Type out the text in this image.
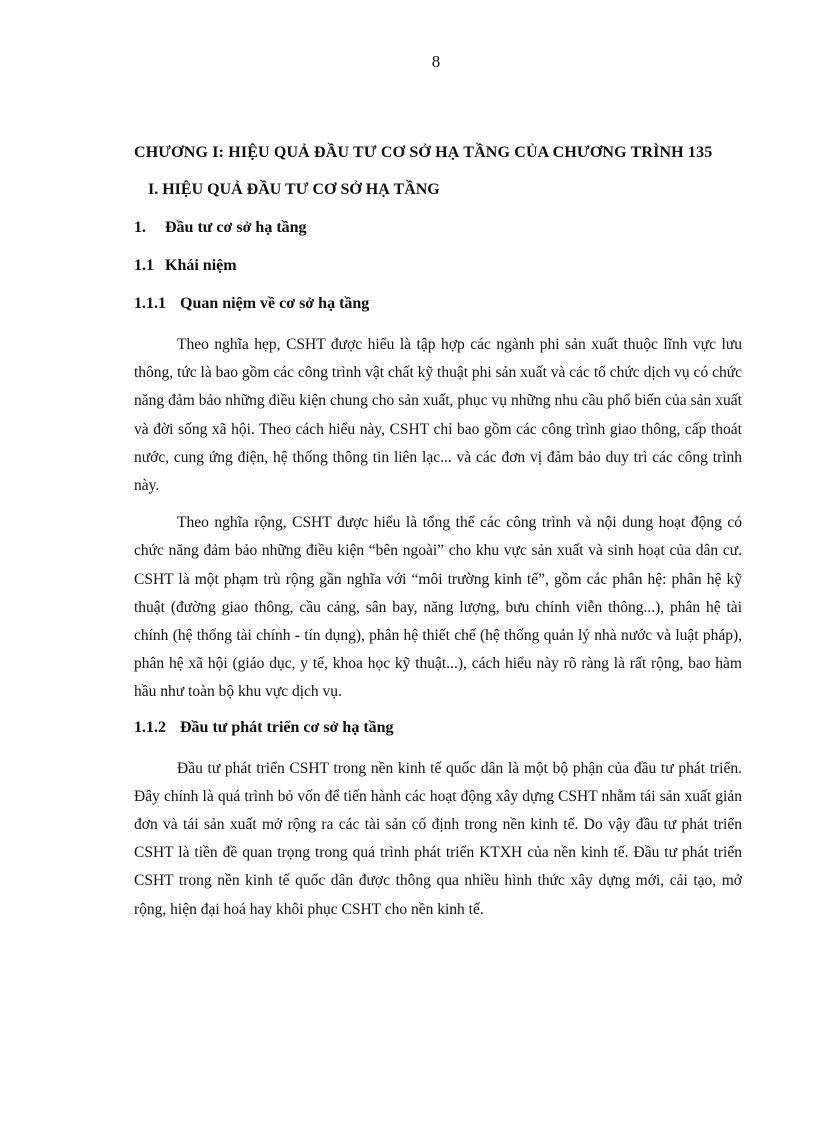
8
CHƯƠNG I: HIỆU QUẢ ĐẦU TƯ CƠ SỞ HẠ TẦNG CỦA CHƯƠNG TRÌNH 135
I. HIỆU QUẢ ĐẦU TƯ CƠ SỞ HẠ TẦNG
1. Đầu tư cơ sở hạ tầng
1.1 Khái niệm
1.1.1 Quan niệm về cơ sở hạ tầng

Theo nghĩa hẹp, CSHT được hiểu là tập hợp các ngành phi sản xuất thuộc lĩnh vực lưu thông, tức là bao gồm các công trình vật chất kỹ thuật phi sản xuất và các tổ chức dịch vụ có chức năng đảm bảo những điều kiện chung cho sản xuất, phục vụ những nhu cầu phổ biến của sản xuất và đời sống xã hội. Theo cách hiểu này, CSHT chỉ bao gồm các công trình giao thông, cấp thoát nước, cung ứng điện, hệ thống thông tin liên lạc... và các đơn vị đảm bảo duy trì các công trình này.

Theo nghĩa rộng, CSHT được hiểu là tổng thể các công trình và nội dung hoạt động có chức năng đảm bảo những điều kiện “bên ngoài” cho khu vực sản xuất và sinh hoạt của dân cư. CSHT là một phạm trù rộng gần nghĩa với “môi trường kinh tế”, gồm các phân hệ: phân hệ kỹ thuật (đường giao thông, cầu cảng, sân bay, năng lượng, bưu chính viễn thông...), phân hệ tài chính (hệ thống tài chính - tín dụng), phân hệ thiết chế (hệ thống quản lý nhà nước và luật pháp), phân hệ xã hội (giáo dục, y tế, khoa học kỹ thuật...), cách hiểu này rõ ràng là rất rộng, bao hàm hầu như toàn bộ khu vực dịch vụ.

1.1.2 Đầu tư phát triển cơ sở hạ tầng

Đầu tư phát triển CSHT trong nền kinh tế quốc dân là một bộ phận của đầu tư phát triển. Đây chính là quá trình bỏ vốn để tiến hành các hoạt động xây dựng CSHT nhằm tái sản xuất giản đơn và tái sản xuất mở rộng ra các tài sản cố định trong nền kinh tế. Do vậy đầu tư phát triển CSHT là tiền đề quan trọng trong quá trình phát triển KTXH của nền kinh tế. Đầu tư phát triển CSHT trong nền kinh tế quốc dân được thông qua nhiều hình thức xây dựng mới, cải tạo, mở rộng, hiện đại hoá hay khôi phục CSHT cho nền kinh tế.
